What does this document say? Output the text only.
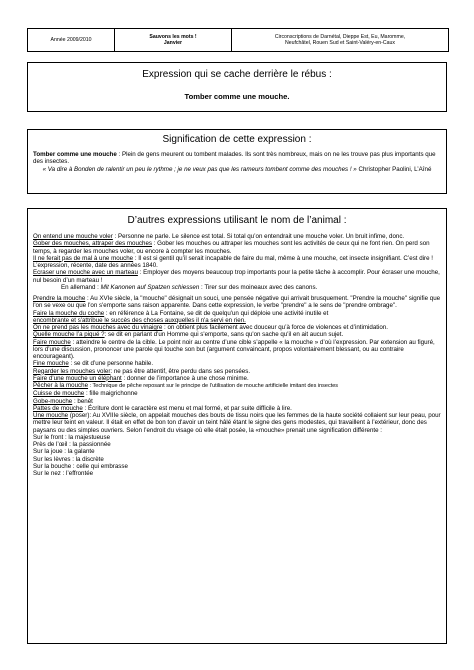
Année 2009/2010
Sauvons les mots !
Janvier
Circonscriptions de Darnétal, Dieppe Est, Eu, Maromme,
Neufchâtel, Rouen Sud et Saint-Valéry-en-Caux
Expression qui se cache derrière le rébus :
Tomber comme une mouche.
Signification de cette expression :

Tomber comme une mouche : Plein de gens meurent ou tombent malades. Ils sont très nombreux, mais on ne les trouve pas plus importants que des insectes.

« Va dire à Bonden de ralentir un peu le rythme ; je ne veux pas que les rameurs tombent comme des mouches ! » Christopher Paolini, L’Aîné

D’autres expressions utilisant le nom de l’animal :

On entend une mouche voler : Personne ne parle. Le silence est total. Si total qu’on entendrait une mouche voler. Un bruit infime, donc.

Gober des mouches, attraper des mouches : Gober les mouches ou attraper les mouches sont les activités de ceux qui ne font rien. On perd son temps, à regarder les mouches voler, ou encore à compter les mouches.

Il ne ferait pas de mal à une mouche : Il est si gentil qu’il serait incapable de faire du mal, même à une mouche, cet insecte insignifiant. C’est dire ! L’expression, récente, date des années 1840.

Ecraser une mouche avec un marteau : Employer des moyens beaucoup trop importants pour la petite tâche à accomplir. Pour écraser une mouche, nul besoin d’un marteau !

En allemand : Mit Kanonen auf Spatzen schiessen : Tirer sur des moineaux avec des canons.

Prendre la mouche : Au XVIe siècle, la "mouche" désignait un souci, une pensée négative qui arrivait brusquement. "Prendre la mouche" signifie que l'on se vexe ou que l'on s'emporte sans raison apparente. Dans cette expression, le verbe "prendre" a le sens de "prendre ombrage".

Faire la mouche du coche : en référence à La Fontaine, se dit de quelqu'un qui déploie une activité inutile et
encombrante et s'attribue le succès des choses auxquelles il n'a servi en rien.

On ne prend pas les mouches avec du vinaigre : on obtient plus facilement avec douceur qu’à force de violences et d’intimidation.

Quelle mouche l’a piqué ?: se dit en parlant d'un Homme qui s'emporte, sans qu'on sache qu'il en ait aucun sujet.

Faire mouche : atteindre le centre de la cible. Le point noir au centre d’une cible s’appelle « la mouche » d’où l’expression. Par extension au figuré, lors d’une discussion, prononcer une parole qui touche son but (argument convaincant, propos volontairement blessant, ou au contraire encourageant).

Fine mouche : se dit d’une personne habile.

Regarder les mouches voler: ne pas être attentif, être perdu dans ses pensées.

Faire d’une mouche un éléphant : donner de l’importance à une chose minime.

Pêcher à la mouche : Technique de pêche reposant sur le principe de l’utilisation de mouche artificielle imitant des insectes

Cuisse de mouche : fille maigrichonne

Gobe-mouche : benêt

Pattes de mouche : Écriture dont le caractère est menu et mal formé, et par suite difficile à lire.

Une mouche (poser): Au XVIIIe siècle, on appelait mouches des bouts de tissu noirs que les femmes de la haute société collaient sur leur peau, pour mettre leur teint en valeur. Il était en effet de bon ton d'avoir un teint hâlé étant le signe des gens modestes, qui travaillent à l’extérieur, donc des paysans ou des simples ouvriers. Selon l’endroit du visage où elle était posée, la «mouche» prenait une signification différente :

Sur le front : la majestueuse

Près de l’œil : la passionnée

Sur la joue : la galante

Sur les lèvres : la discrète

Sur la bouche : celle qui embrasse

Sur le nez : l’effrontée
